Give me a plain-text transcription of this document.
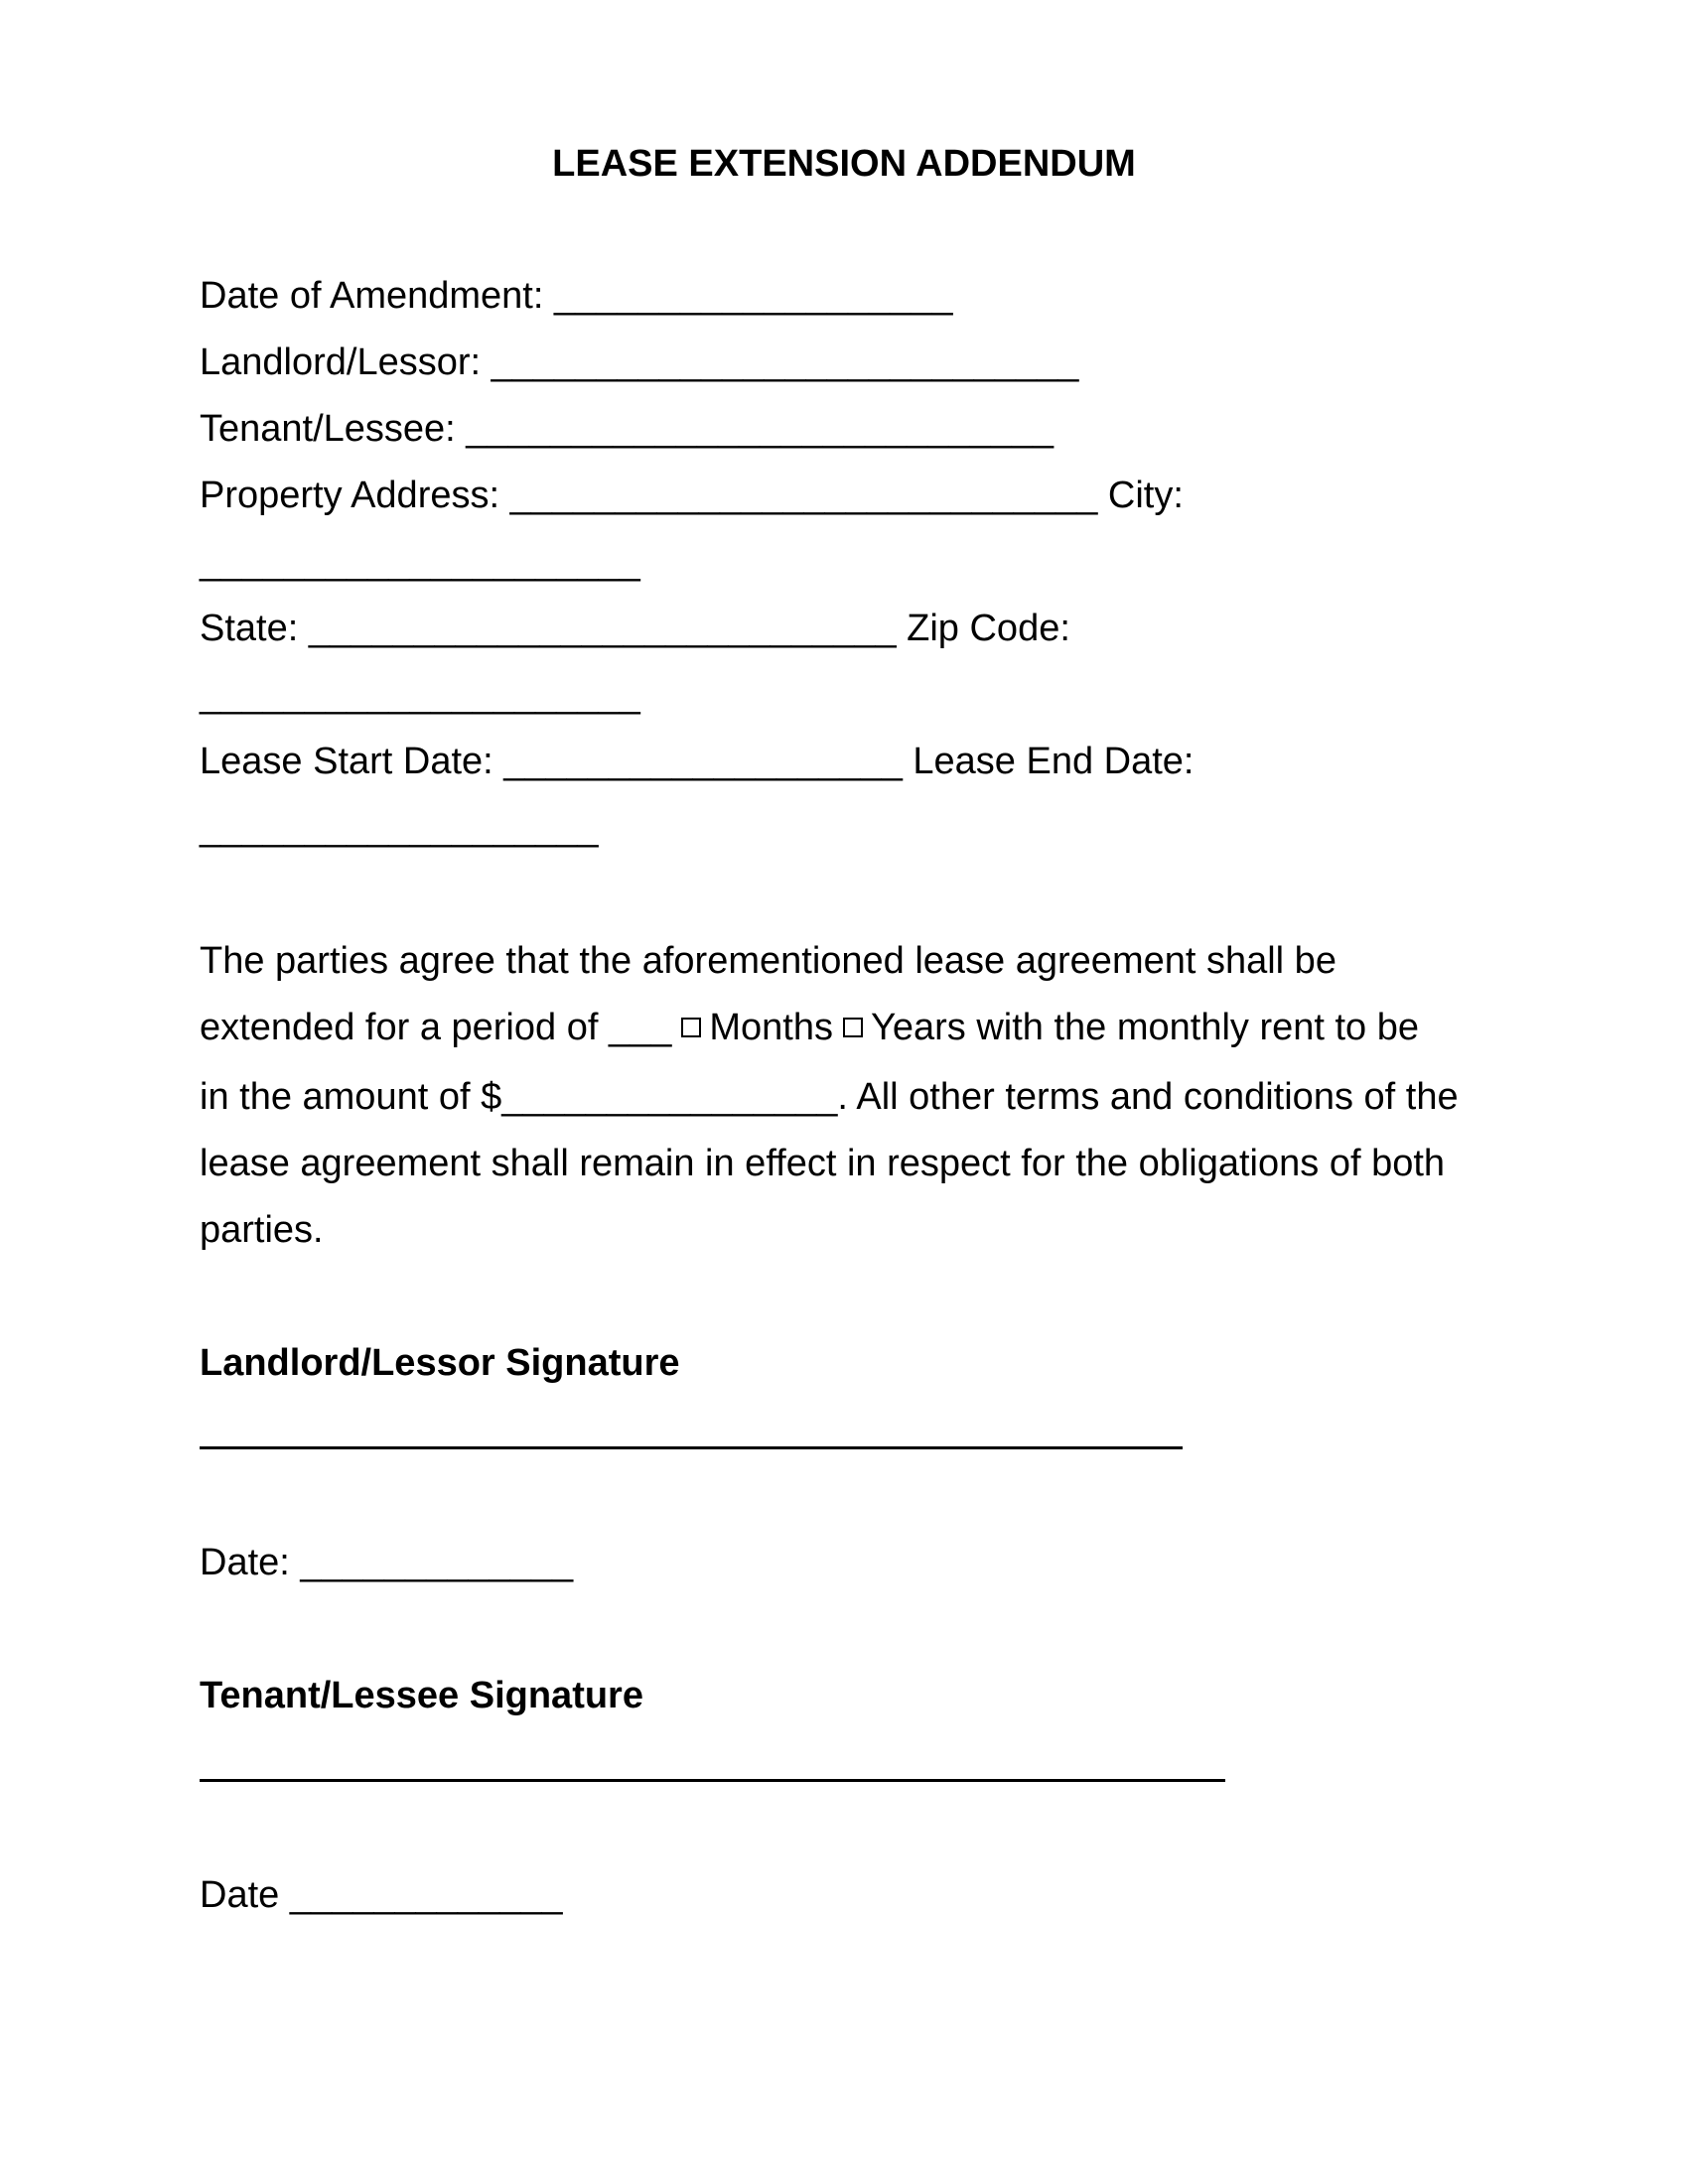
LEASE EXTENSION ADDENDUM
Date of Amendment: ___________________
Landlord/Lessor: ____________________________
Tenant/Lessee: ____________________________
Property Address: ____________________________ City:
_____________________
State: ____________________________ Zip Code:
_____________________
Lease Start Date: ___________________ Lease End Date:
___________________
The parties agree that the aforementioned lease agreement shall be
extended for a period of ___ Months Years with the monthly rent to be
in the amount of $________________. All other terms and conditions of the
lease agreement shall remain in effect in respect for the obligations of both
parties.
Landlord/Lessor Signature
Date: _____________
Tenant/Lessee Signature
Date _____________
